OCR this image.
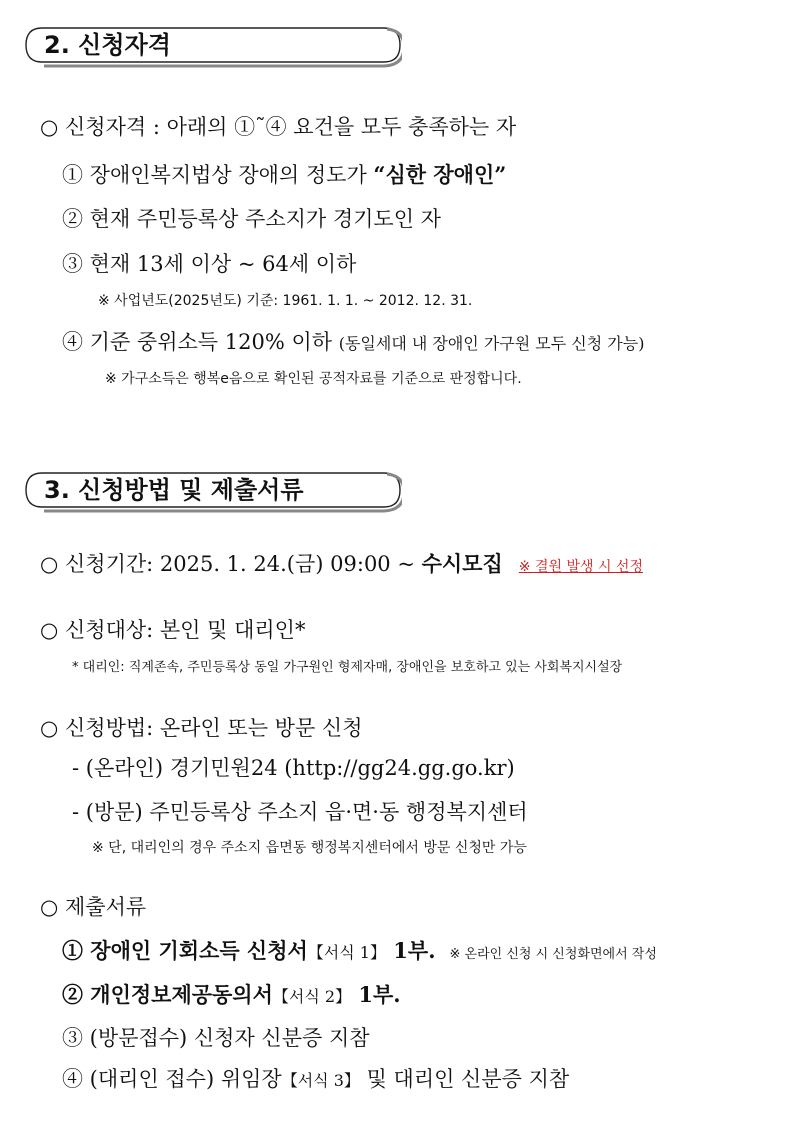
2. 신청자격
○ 신청자격 : 아래의 ①˜④ 요건을 모두 충족하는 자
① 장애인복지법상 장애의 정도가 “심한 장애인”
② 현재 주민등록상 주소지가 경기도인 자
③ 현재 13세 이상 ~ 64세 이하
※ 사업년도(2025년도) 기준: 1961. 1. 1. ~ 2012. 12. 31.
④ 기준 중위소득 120% 이하 (동일세대 내 장애인 가구원 모두 신청 가능)
※ 가구소득은 행복e음으로 확인된 공적자료를 기준으로 판정합니다.
3. 신청방법 및 제출서류
○ 신청기간: 2025. 1. 24.(금) 09:00 ~ 수시모집 ※ 결원 발생 시 선정
○ 신청대상: 본인 및 대리인*
* 대리인: 직계존속, 주민등록상 동일 가구원인 형제자매, 장애인을 보호하고 있는 사회복지시설장
○ 신청방법: 온라인 또는 방문 신청
- (온라인) 경기민원24 (http://gg24.gg.go.kr)
- (방문) 주민등록상 주소지 읍·면·동 행정복지센터
※ 단, 대리인의 경우 주소지 읍면동 행정복지센터에서 방문 신청만 가능
○ 제출서류
① 장애인 기회소득 신청서【서식 1】 1부. ※ 온라인 신청 시 신청화면에서 작성
② 개인정보제공동의서【서식 2】 1부.
③ (방문접수) 신청자 신분증 지참
④ (대리인 접수) 위임장【서식 3】 및 대리인 신분증 지참
